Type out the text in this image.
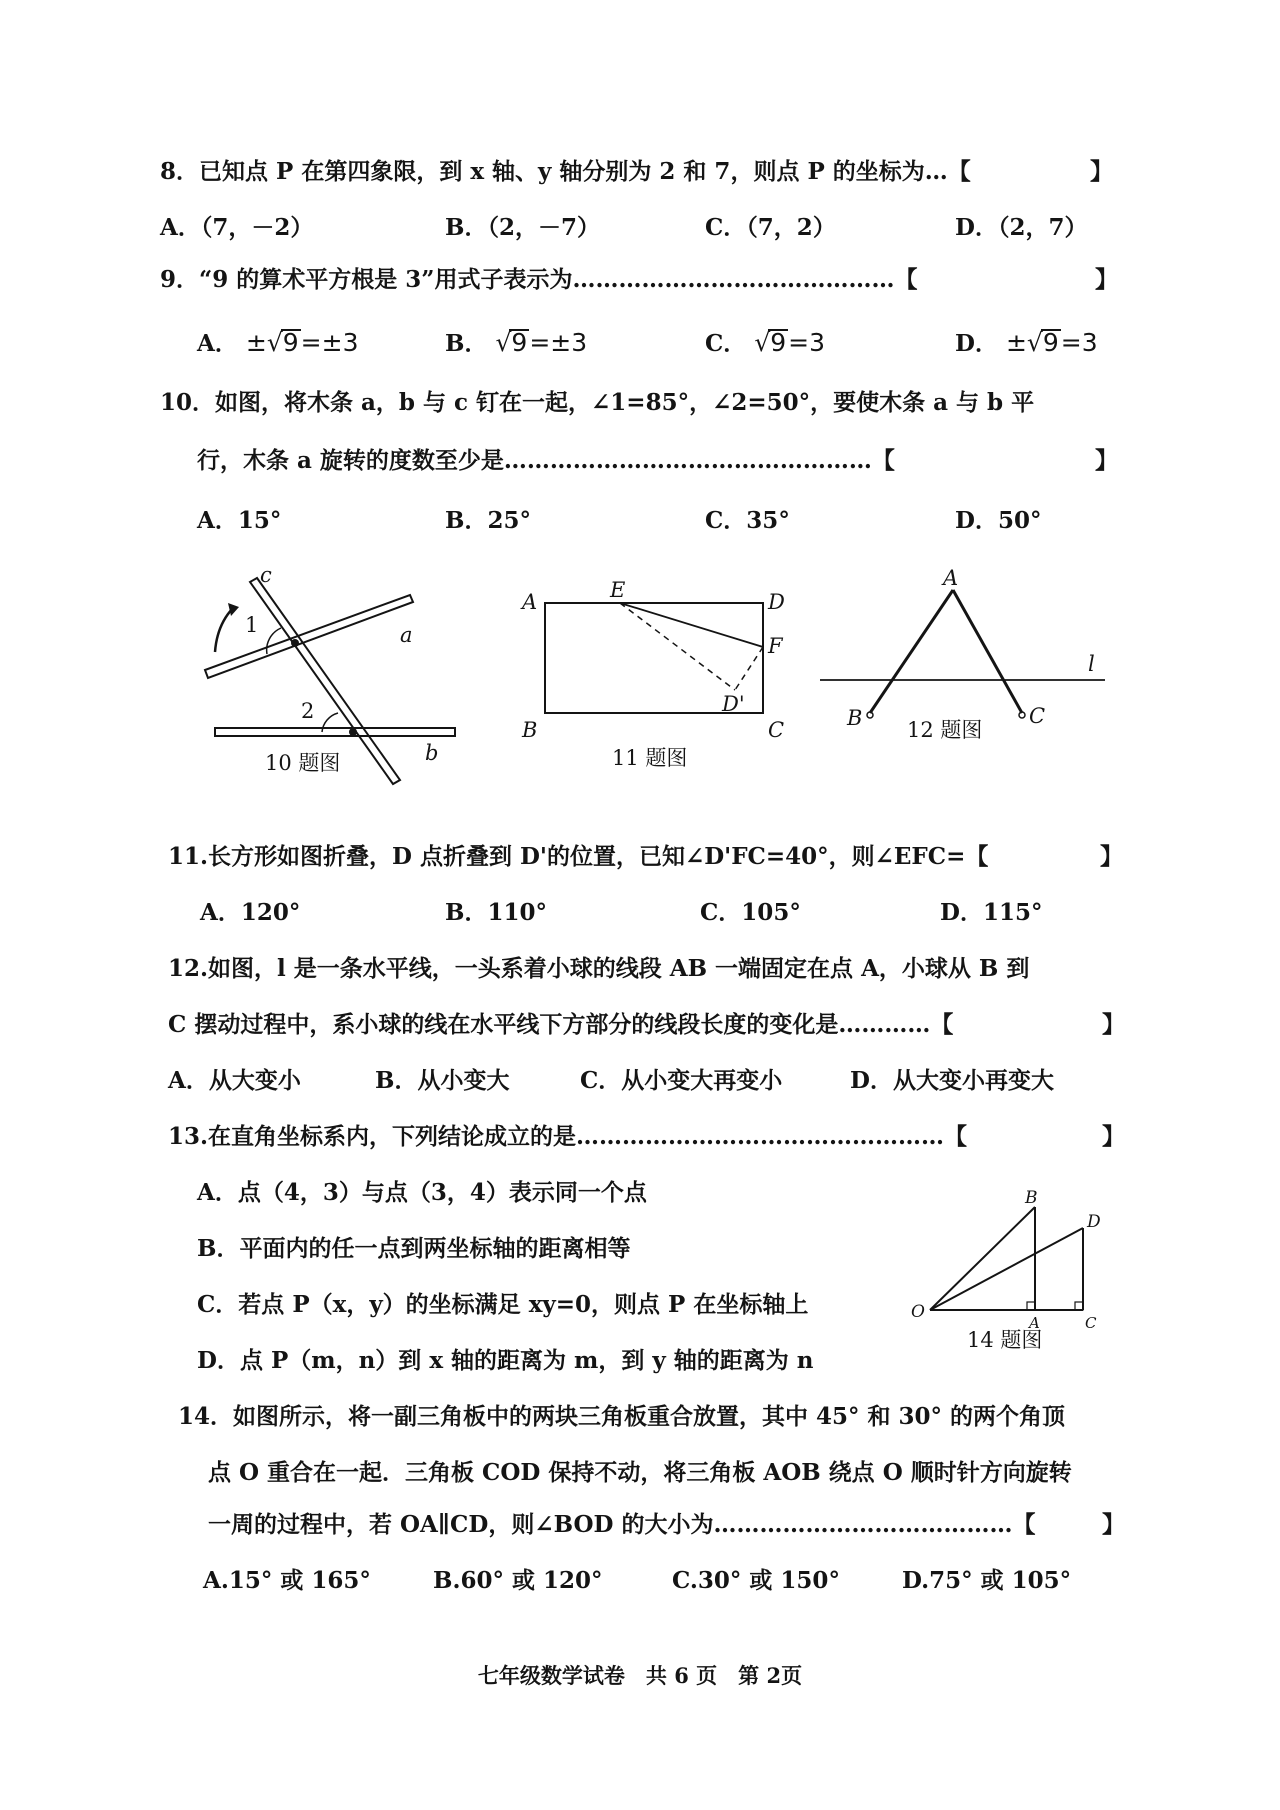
8．已知点 P 在第四象限，到 x 轴、y 轴分别为 2 和 7，则点 P 的坐标为…【	】
A．（7，－2）	B．（2，－7）	C．（7，2）	D．（2，7）
9．“9 的算术平方根是 3”用式子表示为……………………………………【	】
A． ±√9=±3	B． √9=±3	C． √9=3	D． ±√9=3
10．如图，将木条 a，b 与 c 钉在一起，∠1=85°，∠2=50°，要使木条 a 与 b 平
行，木条 a 旋转的度数至少是…………………………………………【	】
A．15°	B．25°	C．35°	D．50°
c
a
b
1
2
10 题图
A	E	D
F
D'
B	C
11 题图
A
l
B	C
12 题图
11.长方形如图折叠，D 点折叠到 D'的位置，已知∠D'FC=40°，则∠EFC=【	】
A．120°	B．110°	C．105°	D．115°
12.如图，l 是一条水平线，一头系着小球的线段 AB 一端固定在点 A，小球从 B 到
C 摆动过程中，系小球的线在水平线下方部分的线段长度的变化是…………【	】
A．从大变小	B．从小变大	C．从小变大再变小	D．从大变小再变大
13.在直角坐标系内，下列结论成立的是…………………………………………【	】
A．点（4，3）与点（3，4）表示同一个点
B．平面内的任一点到两坐标轴的距离相等
C．若点 P（x，y）的坐标满足 xy=0，则点 P 在坐标轴上
D．点 P（m，n）到 x 轴的距离为 m，到 y 轴的距离为 n
B
D
O
A	C
14 题图
14．如图所示，将一副三角板中的两块三角板重合放置，其中 45° 和 30° 的两个角顶
点 O 重合在一起．三角板 COD 保持不动，将三角板 AOB 绕点 O 顺时针方向旋转
一周的过程中，若 OA∥CD，则∠BOD 的大小为…………………………………【	】
A.15° 或 165°	B.60° 或 120°	C.30° 或 150°	D.75° 或 105°
七年级数学试卷　共 6 页　第 2页
